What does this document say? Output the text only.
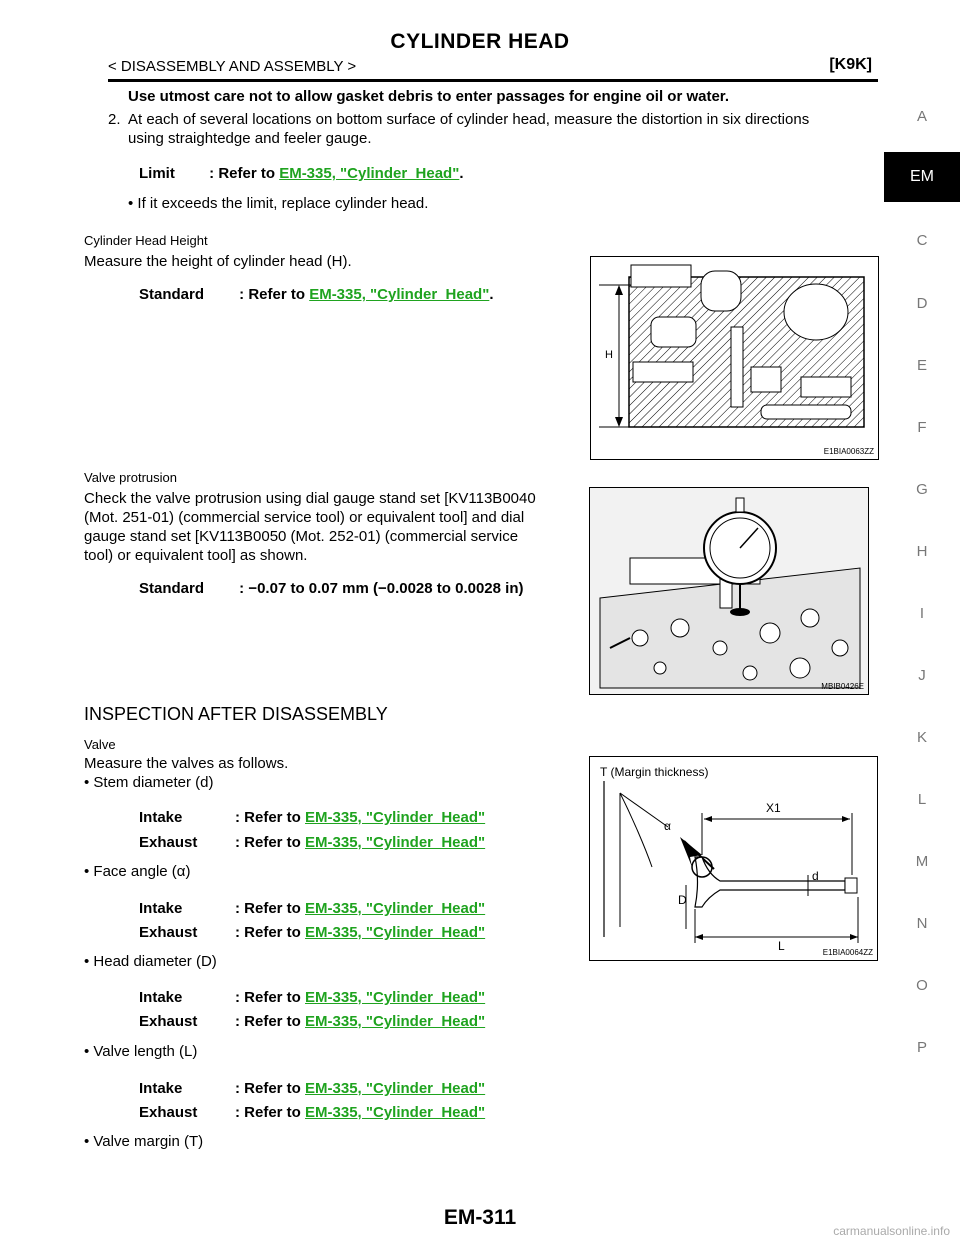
CYLINDER HEAD
< DISASSEMBLY AND ASSEMBLY >	[K9K]
A
EM
C
D
E
F
G
H
I
J
K
L
M
N
O
P
Use utmost care not to allow gasket debris to enter passages for engine oil or water.
2. At each of several locations on bottom surface of cylinder head, measure the distortion in six directions
using straightedge and feeler gauge.
Limit : Refer to EM-335, "Cylinder_Head".
• If it exceeds the limit, replace cylinder head.
Cylinder Head Height
Measure the height of cylinder head (H).
Standard : Refer to EM-335, "Cylinder_Head".
H
E1BIA0063ZZ
Valve protrusion
Check the valve protrusion using dial gauge stand set [KV113B0040
(Mot. 251-01) (commercial service tool) or equivalent tool] and dial
gauge stand set [KV113B0050 (Mot. 252-01) (commercial service
tool) or equivalent tool] as shown.
Standard : −0.07 to 0.07 mm (−0.0028 to 0.0028 in)
MBIB0426E
INSPECTION AFTER DISASSEMBLY
Valve
Measure the valves as follows.
• Stem diameter (d)
Intake	: Refer to EM-335, "Cylinder_Head"
Exhaust	: Refer to EM-335, "Cylinder_Head"
• Face angle (α)
Intake	: Refer to EM-335, "Cylinder_Head"
Exhaust	: Refer to EM-335, "Cylinder_Head"
• Head diameter (D)
Intake	: Refer to EM-335, "Cylinder_Head"
Exhaust	: Refer to EM-335, "Cylinder_Head"
• Valve length (L)
Intake	: Refer to EM-335, "Cylinder_Head"
Exhaust	: Refer to EM-335, "Cylinder_Head"
• Valve margin (T)
T (Margin thickness)
α
X1
D
d
L	E1BIA0064ZZ
EM-311
carmanualsonline.info
